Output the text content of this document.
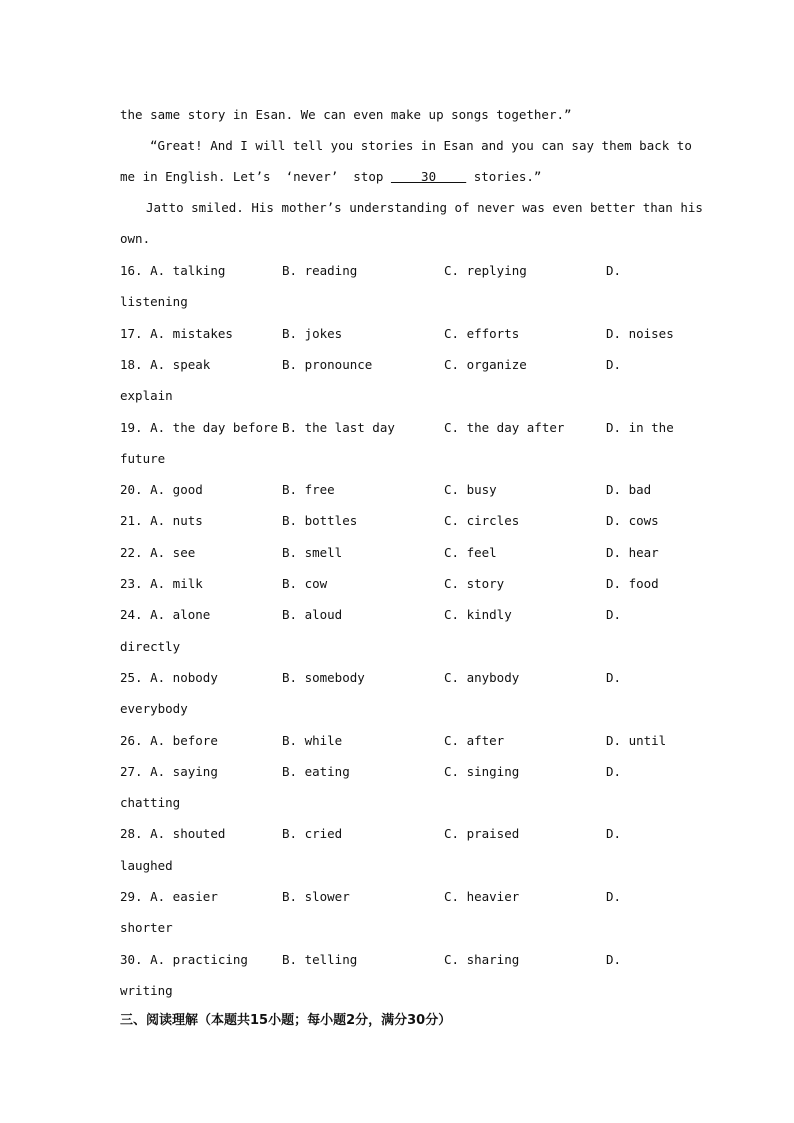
the same story in Esan. We can even make up songs together.”
“Great! And I will tell you stories in Esan and you can say them back to
me in English. Let’s  ‘never’  stop     30     stories.”
Jatto smiled. His mother’s understanding of never was even better than his
own.
16. A. talking	B. reading	C. replying	D.
listening
17. A. mistakes	B. jokes	C. efforts	D. noises
18. A. speak	B. pronounce	C. organize	D.
explain
19. A. the day before B. the last day	C. the day after	D. in the
future
20. A. good	B. free	C. busy	D. bad
21. A. nuts	B. bottles	C. circles	D. cows
22. A. see	B. smell	C. feel	D. hear
23. A. milk	B. cow	C. story	D. food
24. A. alone	B. aloud	C. kindly	D.
directly
25. A. nobody	B. somebody	C. anybody	D.
everybody
26. A. before	B. while	C. after	D. until
27. A. saying	B. eating	C. singing	D.
chatting
28. A. shouted	B. cried	C. praised	D.
laughed
29. A. easier	B. slower	C. heavier	D.
shorter
30. A. practicing	B. telling	C. sharing	D.
writing
三、阅读理解（本题共15小题；每小题2分，满分30分）
